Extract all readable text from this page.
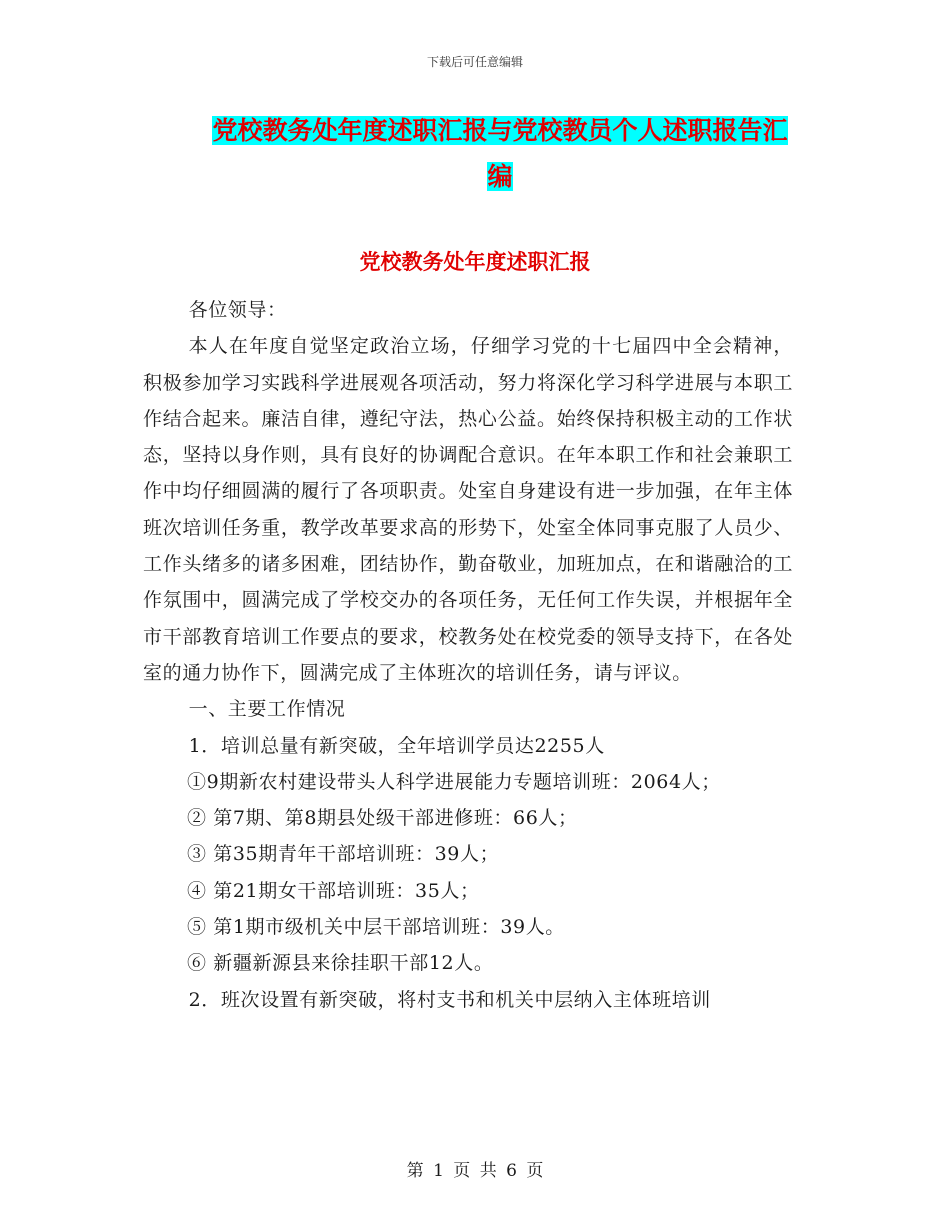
下载后可任意编辑
党校教务处年度述职汇报与党校教员个人述职报告汇
编
党校教务处年度述职汇报

各位领导：

本人在年度自觉坚定政治立场，仔细学习党的十七届四中全会精神，积极参加学习实践科学进展观各项活动，努力将深化学习科学进展与本职工作结合起来。廉洁自律，遵纪守法，热心公益。始终保持积极主动的工作状态，坚持以身作则，具有良好的协调配合意识。在年本职工作和社会兼职工作中均仔细圆满的履行了各项职责。处室自身建设有进一步加强，在年主体班次培训任务重，教学改革要求高的形势下，处室全体同事克服了人员少、工作头绪多的诸多困难，团结协作，勤奋敬业，加班加点，在和谐融洽的工作氛围中，圆满完成了学校交办的各项任务，无任何工作失误，并根据年全市干部教育培训工作要点的要求，校教务处在校党委的领导支持下，在各处室的通力协作下，圆满完成了主体班次的培训任务，请与评议。

一、主要工作情况

1．培训总量有新突破，全年培训学员达2255人

①9期新农村建设带头人科学进展能力专题培训班：2064人；

② 第7期、第8期县处级干部进修班：66人；

③ 第35期青年干部培训班：39人；

④ 第21期女干部培训班：35人；

⑤ 第1期市级机关中层干部培训班：39人。

⑥ 新疆新源县来徐挂职干部12人。

2．班次设置有新突破，将村支书和机关中层纳入主体班培训

第 1 页 共 6 页
